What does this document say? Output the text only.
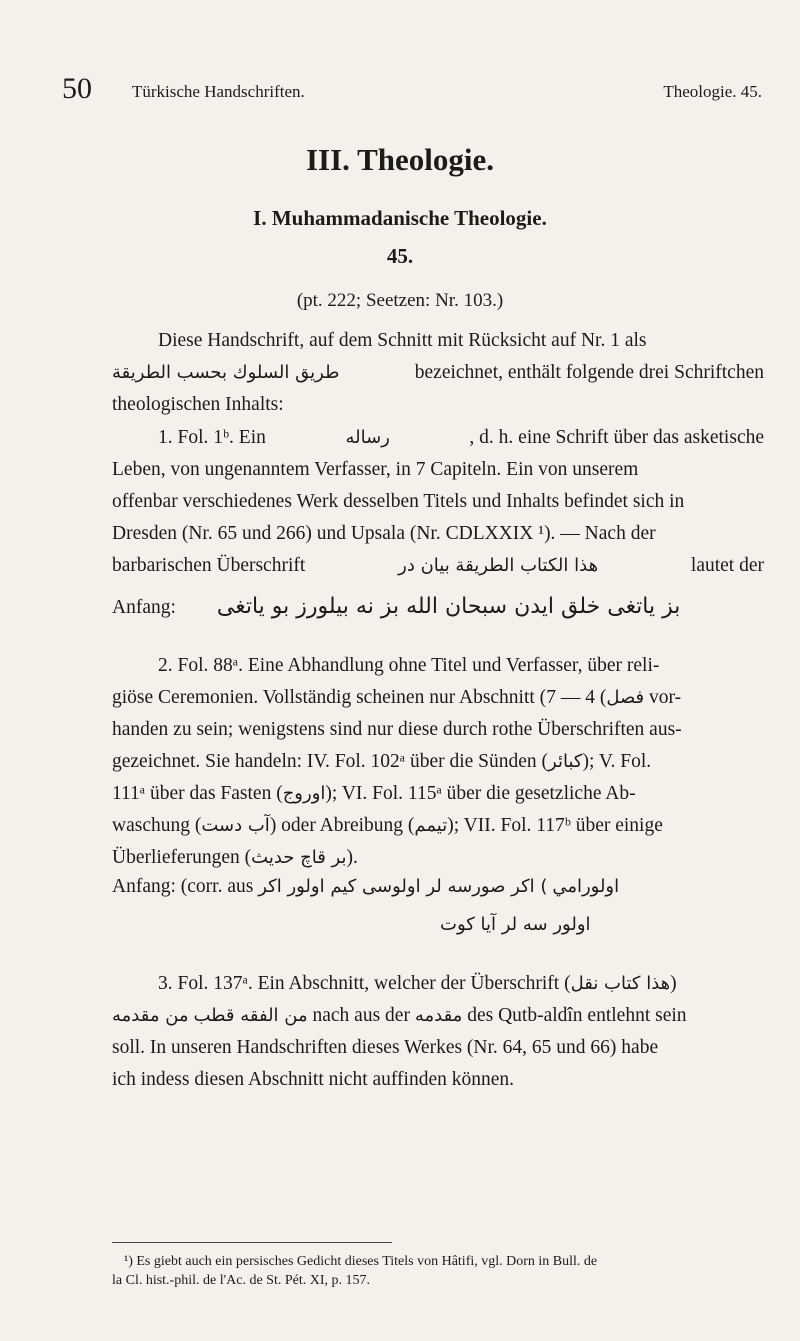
50 Türkische Handschriften.	Theologie. 45.
III. Theologie.
I. Muhammadanische Theologie.
45.
(pt. 222; Seetzen: Nr. 103.)
Diese Handschrift, auf dem Schnitt mit Rücksicht auf Nr. 1 als
طريق السلوك بحسب الطريقة	bezeichnet, enthält folgende drei Schriftchen
theologischen Inhalts:
1. Fol. 1ᵇ. Ein	رساله	, d. h. eine Schrift über das asketische
Leben, von ungenanntem Verfasser, in 7 Capiteln. Ein von unserem
offenbar verschiedenes Werk desselben Titels und Inhalts befindet sich in
Dresden (Nr. 65 und 266) und Upsala (Nr. CDLXXIX ¹). — Nach der
barbarischen Überschrift	هذا الكتاب الطريقة بيان در	lautet der
Anfang: بز ياتغى خلق ايدن سبحان الله بز نه بيلورز بو ياتغى
2. Fol. 88ᵃ. Eine Abhandlung ohne Titel und Verfasser, über reli-
giöse Ceremonien. Vollständig scheinen nur Abschnitt (	فصل) 4 — 7 vor-
handen zu sein; wenigstens sind nur diese durch rothe Überschriften aus-
gezeichnet. Sie handeln: IV. Fol. 102ᵃ über die Sünden (كبائر); V. Fol.
111ᵃ über das Fasten (اوروج); VI. Fol. 115ᵃ über die gesetzliche Ab-
waschung (آب دست) oder Abreibung (تيمم); VII. Fol. 117ᵇ über einige
Überlieferungen (بر قاچ حديث).
Anfang: (corr. aus	اولورامي ) اكر صورسه لر اولوسی کیم اولور اکر
اولور سه لر آيا كوت
3. Fol. 137ᵃ. Ein Abschnitt, welcher der Überschrift (هذا كتاب نقل)
من الفقه قطب من مقدمه	nach aus der مقدمه des Qutb-aldîn entlehnt sein
soll. In unseren Handschriften dieses Werkes (Nr. 64, 65 und 66) habe
ich indess diesen Abschnitt nicht auffinden können.
¹) Es giebt auch ein persisches Gedicht dieses Titels von Hâtifi, vgl. Dorn in Bull. de
la Cl. hist.-phil. de l'Ac. de St. Pét. XI, p. 157.
